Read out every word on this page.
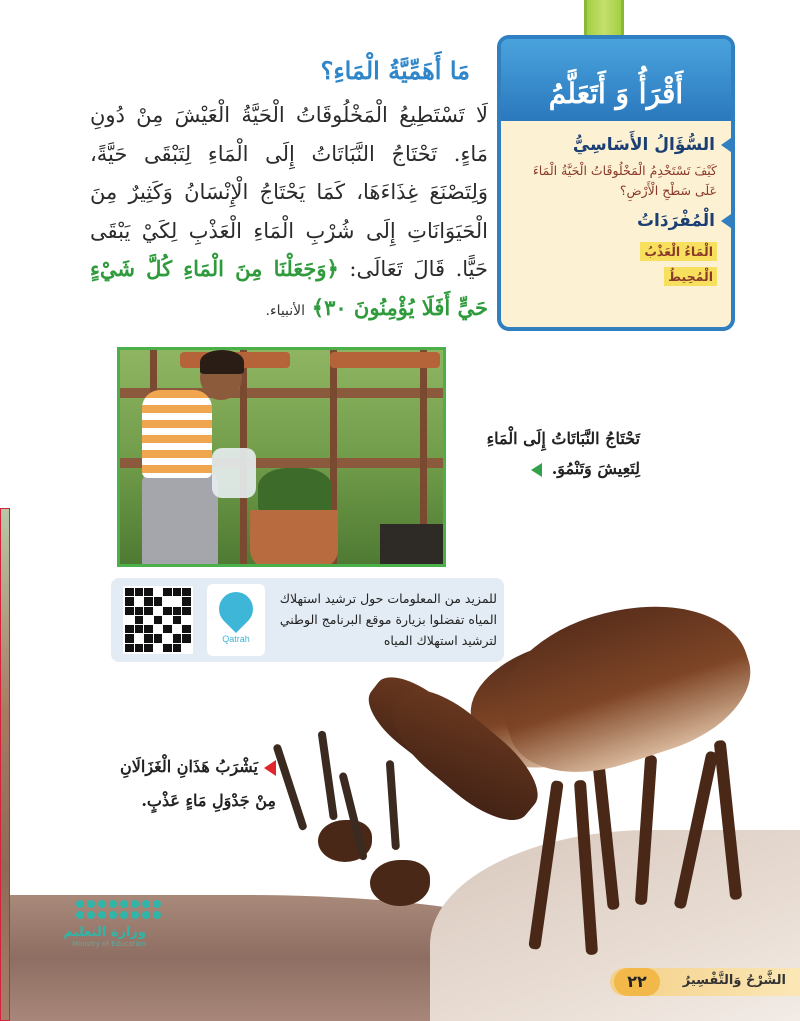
أَقْرَأُ وَ أَتَعَلَّمُ
السُّؤَالُ الأَسَاسِيُّ
كَيْفَ تَسْتَخْدِمُ الْمَخْلُوقَاتُ الْحَيَّةُ الْمَاءَ عَلَى سَطْحِ الْأَرْضِ؟
الْمُفْرَدَاتُ
الْمَاءُ الْعَذْبُ
الْمُحِيطُ
مَا أَهَمِّيَّةُ الْمَاءِ؟
لَا تَسْتَطِيعُ الْمَخْلُوقَاتُ الْحَيَّةُ الْعَيْشَ مِنْ دُونِ مَاءٍ. تَحْتَاجُ النَّبَاتَاتُ إِلَى الْمَاءِ لِتَبْقَى حَيَّةً، وَلِتَصْنَعَ غِذَاءَهَا، كَمَا يَحْتَاجُ الْإِنْسَانُ وَكَثِيرٌ مِنَ الْحَيَوَانَاتِ إِلَى شُرْبِ الْمَاءِ الْعَذْبِ لِكَيْ يَبْقَى حَيًّا. قَالَ تَعَالَى: ﴿وَجَعَلْنَا مِنَ الْمَاءِ كُلَّ شَيْءٍ حَيٍّ أَفَلَا يُؤْمِنُونَ ٣٠﴾ الأنبياء.
تَحْتَاجُ النَّبَاتَاتُ إِلَى الْمَاءِ لِتَعِيشَ وَتَنْمُوَ.
Qatrah
للمزيد من المعلومات حول ترشيد استهلاك المياه تفضلوا بزيارة موقع البرنامج الوطني لترشيد استهلاك المياه
يَشْرَبُ هَذَانِ الْغَزَالَانِ مِنْ جَدْوَلِ مَاءٍ عَذْبٍ.
وزارة التعليم
Ministry of Education
الشَّرْحُ وَالتَّفْسِيرُ
٢٢
